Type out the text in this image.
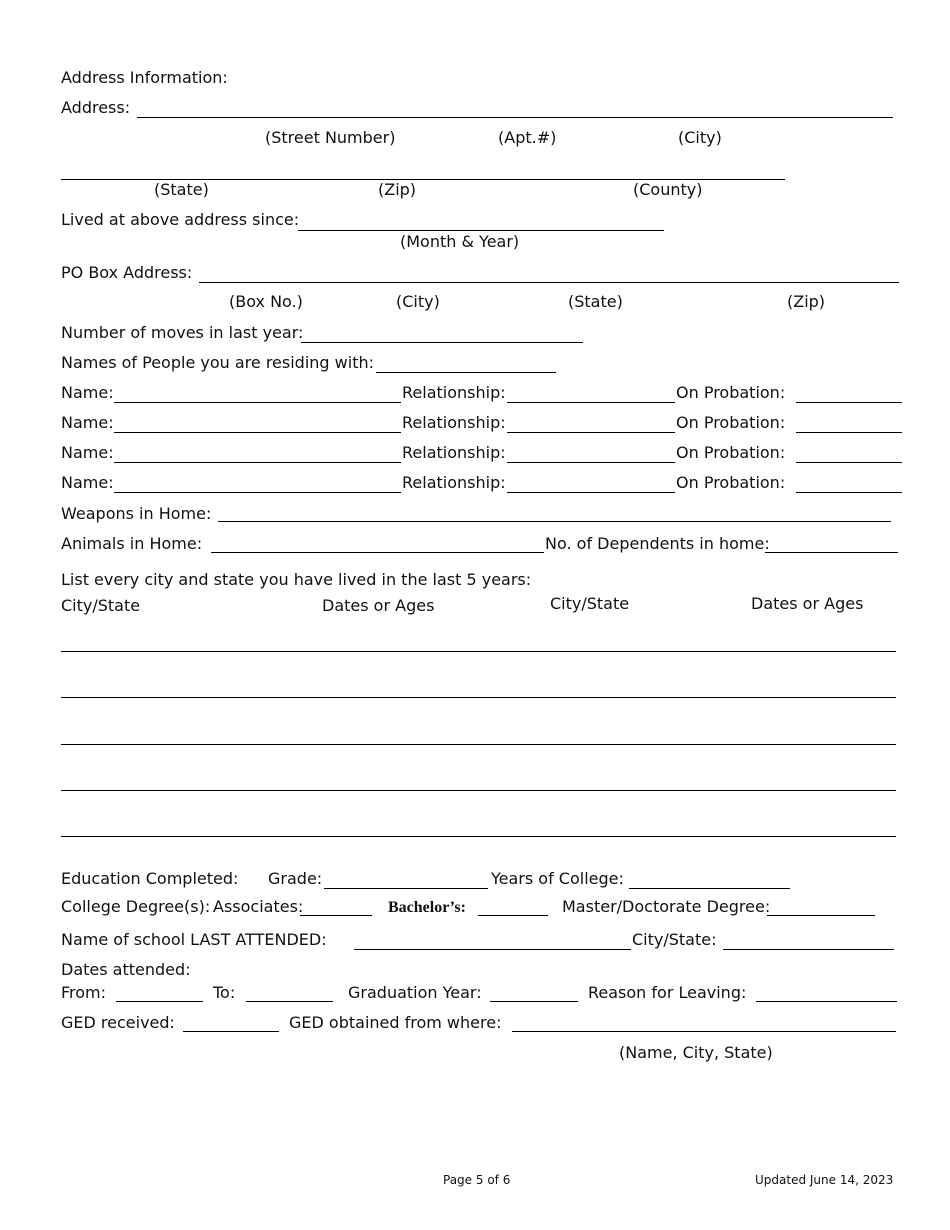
Address Information:
Address:
(Street Number)	(Apt.#)	(City)
(State)	(Zip)	(County)
Lived at above address since:
(Month & Year)
PO Box Address:
(Box No.)	(City)	(State)	(Zip)
Number of moves in last year:
Names of People you are residing with:
Name:	Relationship:	On Probation:
Name:	Relationship:	On Probation:
Name:	Relationship:	On Probation:
Name:	Relationship:	On Probation:
Weapons in Home:
Animals in Home:	No. of Dependents in home:
List every city and state you have lived in the last 5 years:
City/State	Dates or Ages	City/State	Dates or Ages
Education Completed: Grade:	Years of College:
College Degree(s): Associates:	Bachelor’s:	Master/Doctorate Degree:
Name of school LAST ATTENDED:	City/State:
Dates attended:
From:	To:	Graduation Year:	Reason for Leaving:
GED received:	GED obtained from where:
(Name, City, State)
Page 5 of 6	Updated June 14, 2023
